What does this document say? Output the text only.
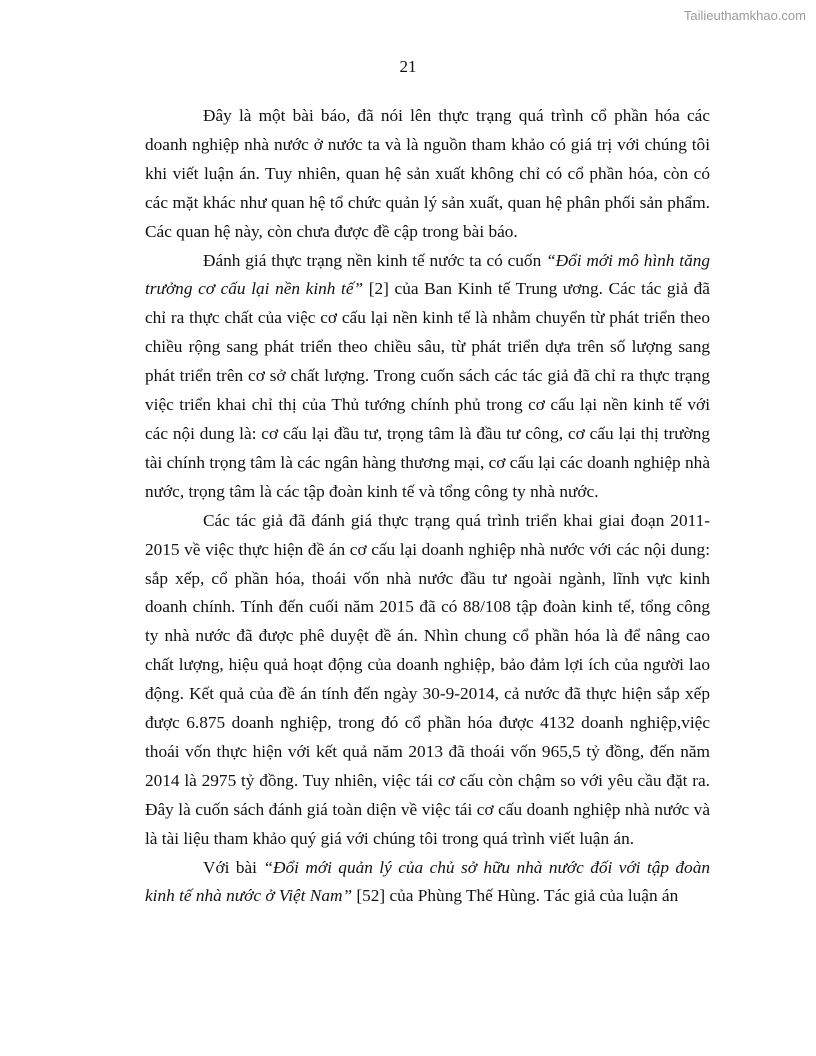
Tailieuthamkhao.com
21

Đây là một bài báo, đã nói lên thực trạng quá trình cổ phần hóa các doanh nghiệp nhà nước ở nước ta và là nguồn tham khảo có giá trị với chúng tôi khi viết luận án. Tuy nhiên, quan hệ sản xuất không chỉ có cổ phần hóa, còn có các mặt khác như quan hệ tổ chức quản lý sản xuất, quan hệ phân phối sản phẩm. Các quan hệ này, còn chưa được đề cập trong bài báo.

Đánh giá thực trạng nền kinh tế nước ta có cuốn “Đổi mới mô hình tăng trưởng cơ cấu lại nền kinh tế” [2] của Ban Kinh tế Trung ương. Các tác giả đã chỉ ra thực chất của việc cơ cấu lại nền kinh tế là nhằm chuyển từ phát triển theo chiều rộng sang phát triển theo chiều sâu, từ phát triển dựa trên số lượng sang phát triển trên cơ sở chất lượng. Trong cuốn sách các tác giả đã chỉ ra thực trạng việc triển khai chỉ thị của Thủ tướng chính phủ trong cơ cấu lại nền kinh tế với các nội dung là: cơ cấu lại đầu tư, trọng tâm là đầu tư công, cơ cấu lại thị trường tài chính trọng tâm là các ngân hàng thương mại, cơ cấu lại các doanh nghiệp nhà nước, trọng tâm là các tập đoàn kinh tế và tổng công ty nhà nước.

Các tác giả đã đánh giá thực trạng quá trình triển khai giai đoạn 2011-2015 về việc thực hiện đề án cơ cấu lại doanh nghiệp nhà nước với các nội dung: sắp xếp, cổ phần hóa, thoái vốn nhà nước đầu tư ngoài ngành, lĩnh vực kinh doanh chính. Tính đến cuối năm 2015 đã có 88/108 tập đoàn kinh tế, tổng công ty nhà nước đã được phê duyệt đề án. Nhìn chung cổ phần hóa là để nâng cao chất lượng, hiệu quả hoạt động của doanh nghiệp, bảo đảm lợi ích của người lao động. Kết quả của đề án tính đến ngày 30-9-2014, cả nước đã thực hiện sắp xếp được 6.875 doanh nghiệp, trong đó cổ phần hóa được 4132 doanh nghiệp,việc thoái vốn thực hiện với kết quả năm 2013 đã thoái vốn 965,5 tỷ đồng, đến năm 2014 là 2975 tỷ đồng. Tuy nhiên, việc tái cơ cấu còn chậm so với yêu cầu đặt ra. Đây là cuốn sách đánh giá toàn diện về việc tái cơ cấu doanh nghiệp nhà nước và là tài liệu tham khảo quý giá với chúng tôi trong quá trình viết luận án.

Với bài “Đổi mới quản lý của chủ sở hữu nhà nước đối với tập đoàn kinh tế nhà nước ở Việt Nam” [52] của Phùng Thế Hùng. Tác giả của luận án
